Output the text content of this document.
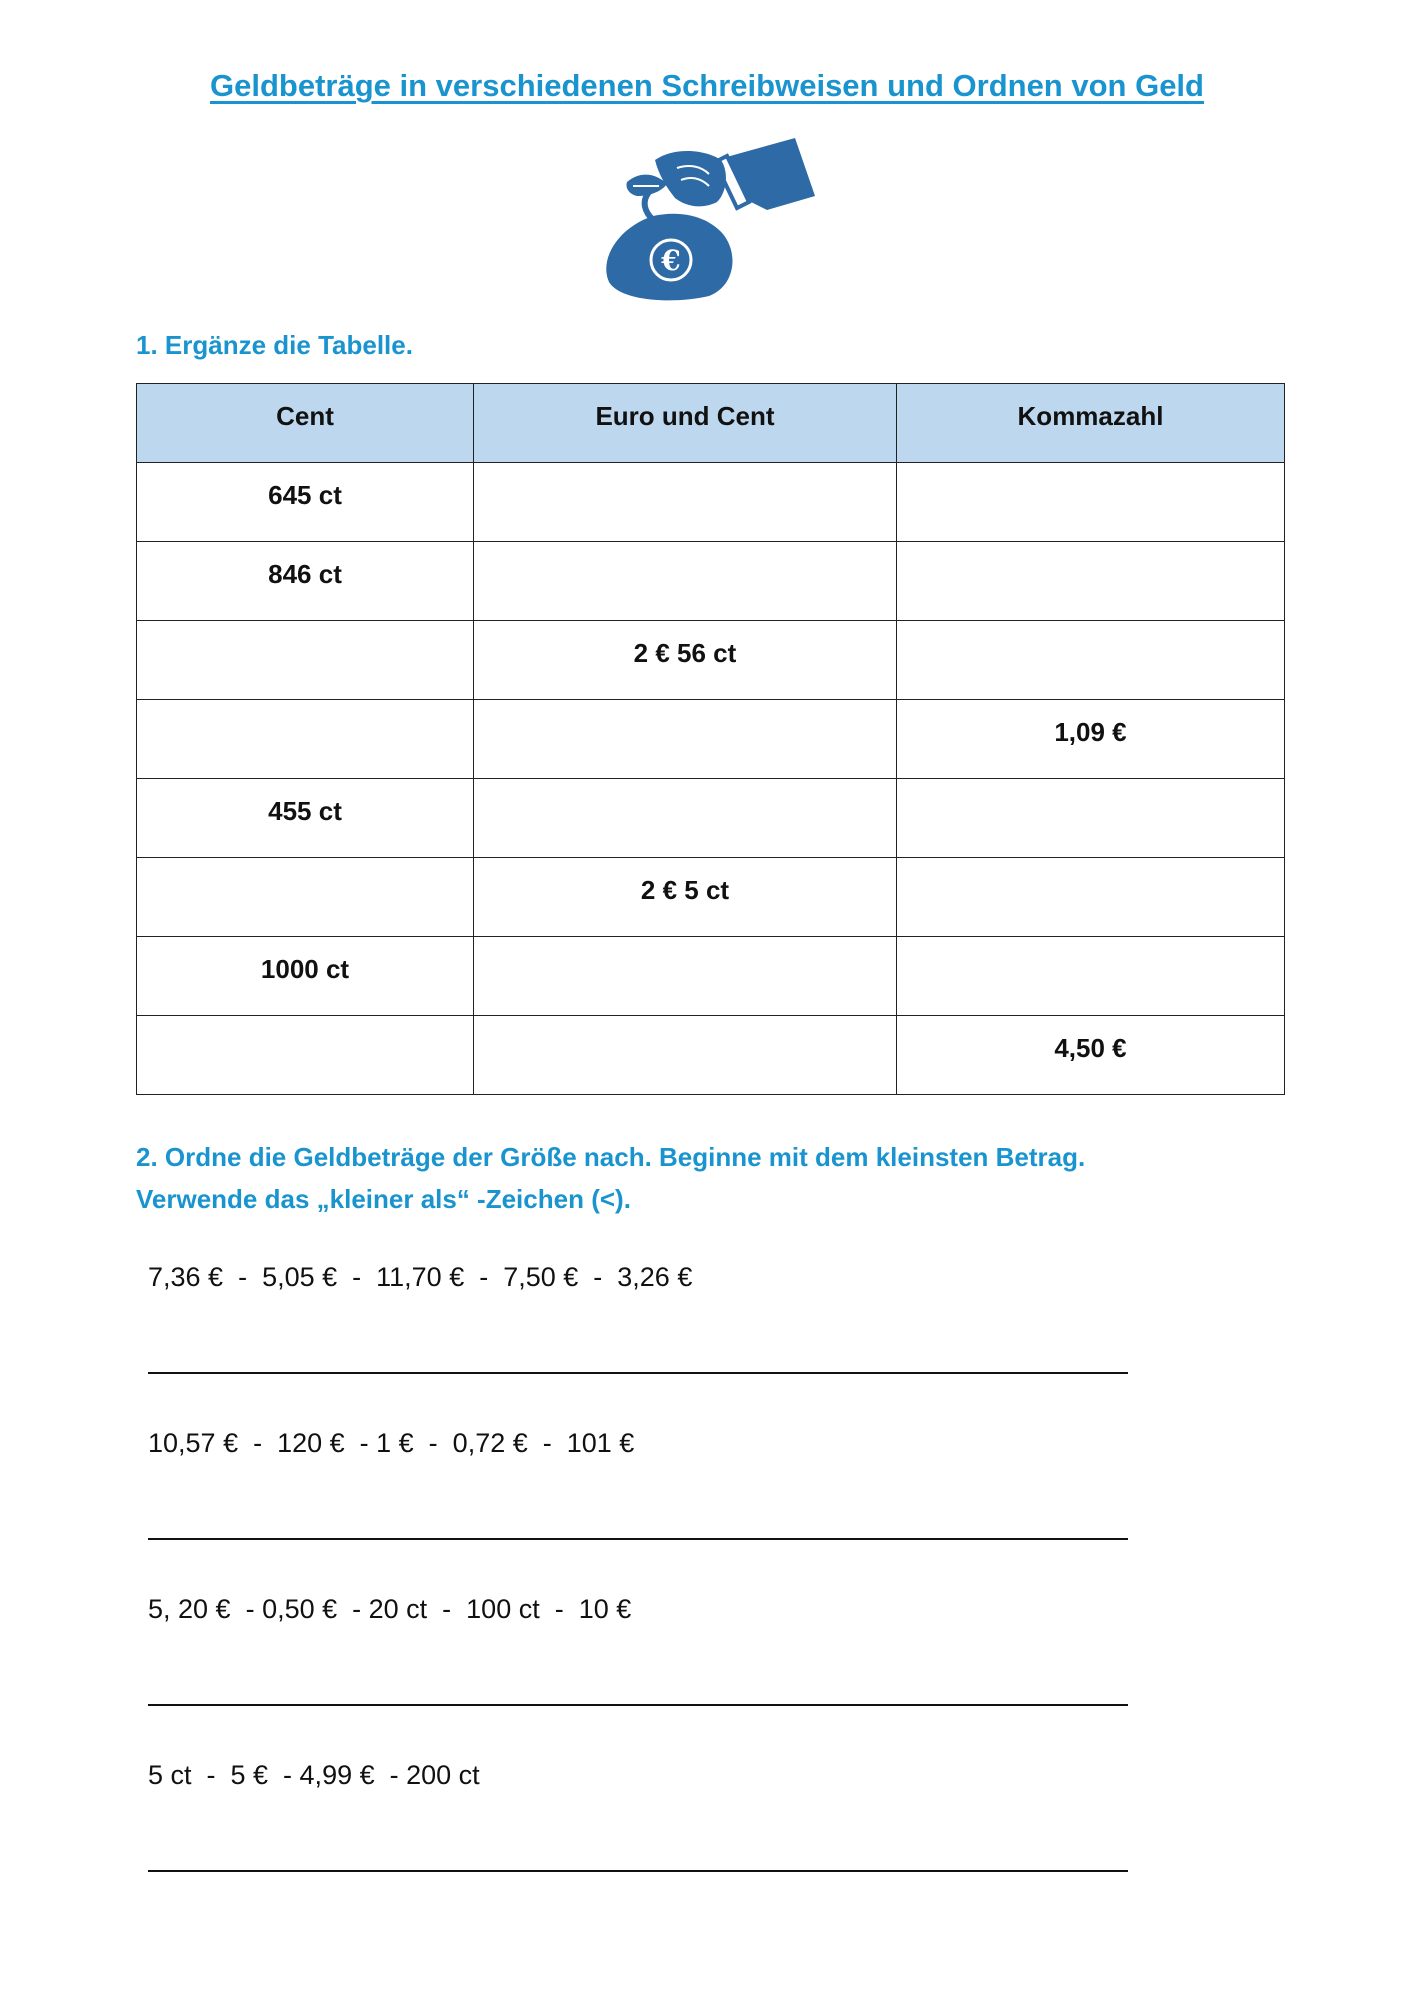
Geldbeträge in verschiedenen Schreibweisen und Ordnen von Geld
€
1. Ergänze die Tabelle.
Cent	Euro und Cent	Kommazahl
645 ct		
846 ct		
	2 € 56 ct	
		1,09 €
455 ct		
	2 € 5 ct	
1000 ct		
		4,50 €
2. Ordne die Geldbeträge der Größe nach. Beginne mit dem kleinsten Betrag.
Verwende das „kleiner als“ -Zeichen (<).
7,36 €  -  5,05 €  -  11,70 €  -  7,50 €  -  3,26 €
10,57 €  -  120 €  - 1 €  -  0,72 €  -  101 €
5, 20 €  - 0,50 €  - 20 ct  -  100 ct  -  10 €
5 ct  -  5 €  - 4,99 €  - 200 ct
